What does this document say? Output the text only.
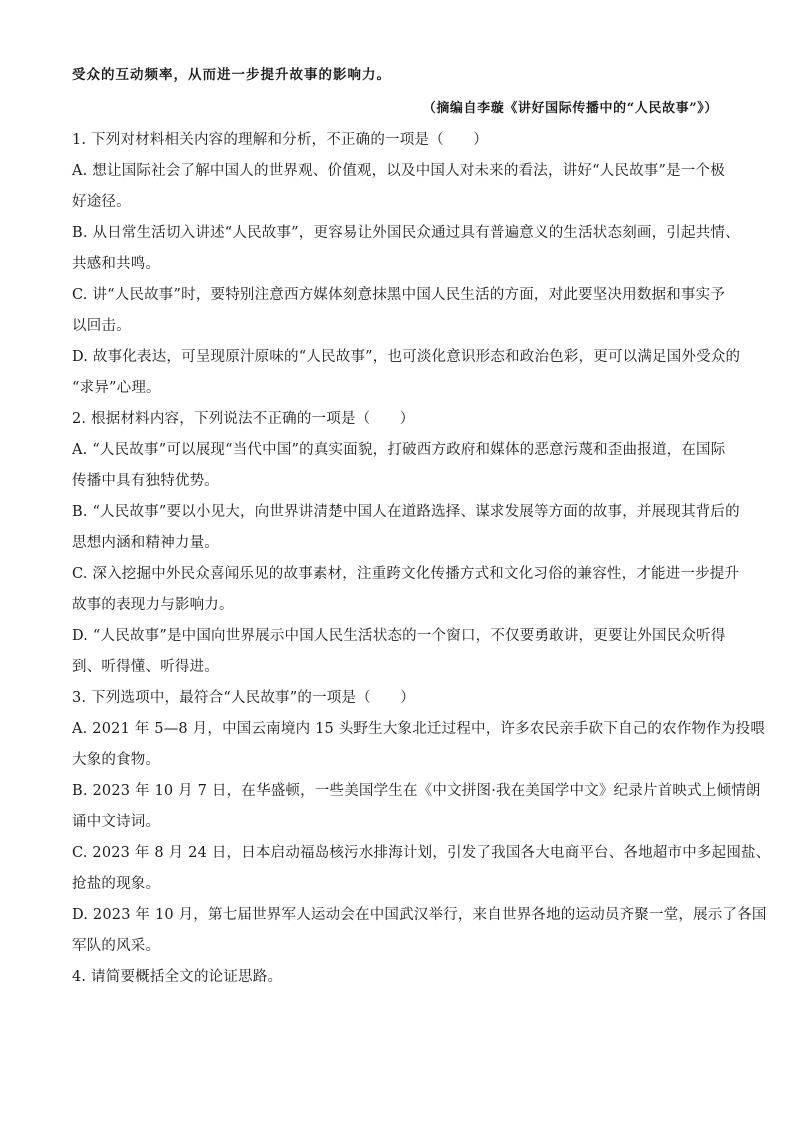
受众的互动频率，从而进一步提升故事的影响力。
（摘编自李璇《讲好国际传播中的“人民故事”》）
1. 下列对材料相关内容的理解和分析，不正确的一项是（　　）
A. 想让国际社会了解中国人的世界观、价值观，以及中国人对未来的看法，讲好“人民故事”是一个极
好途径。
B. 从日常生活切入讲述“人民故事”，更容易让外国民众通过具有普遍意义的生活状态刻画，引起共情、
共感和共鸣。
C. 讲“人民故事”时，要特别注意西方媒体刻意抹黑中国人民生活的方面，对此要坚决用数据和事实予
以回击。
D. 故事化表达，可呈现原汁原味的“人民故事”，也可淡化意识形态和政治色彩，更可以满足国外受众的
“求异”心理。
2. 根据材料内容，下列说法不正确的一项是（　　）
A. “人民故事”可以展现“当代中国”的真实面貌，打破西方政府和媒体的恶意污蔑和歪曲报道，在国际
传播中具有独特优势。
B. “人民故事”要以小见大，向世界讲清楚中国人在道路选择、谋求发展等方面的故事，并展现其背后的
思想内涵和精神力量。
C. 深入挖掘中外民众喜闻乐见的故事素材，注重跨文化传播方式和文化习俗的兼容性，才能进一步提升
故事的表现力与影响力。
D. “人民故事”是中国向世界展示中国人民生活状态的一个窗口，不仅要勇敢讲，更要让外国民众听得
到、听得懂、听得进。
3. 下列选项中，最符合“人民故事”的一项是（　　）
A. 2021 年 5—8 月，中国云南境内 15 头野生大象北迁过程中，许多农民亲手砍下自己的农作物作为投喂
大象的食物。
B. 2023 年 10 月 7 日，在华盛顿，一些美国学生在《中文拼图·我在美国学中文》纪录片首映式上倾情朗
诵中文诗词。
C. 2023 年 8 月 24 日，日本启动福岛核污水排海计划，引发了我国各大电商平台、各地超市中多起囤盐、
抢盐的现象。
D. 2023 年 10 月，第七届世界军人运动会在中国武汉举行，来自世界各地的运动员齐聚一堂，展示了各国
军队的风采。
4. 请简要概括全文的论证思路。
